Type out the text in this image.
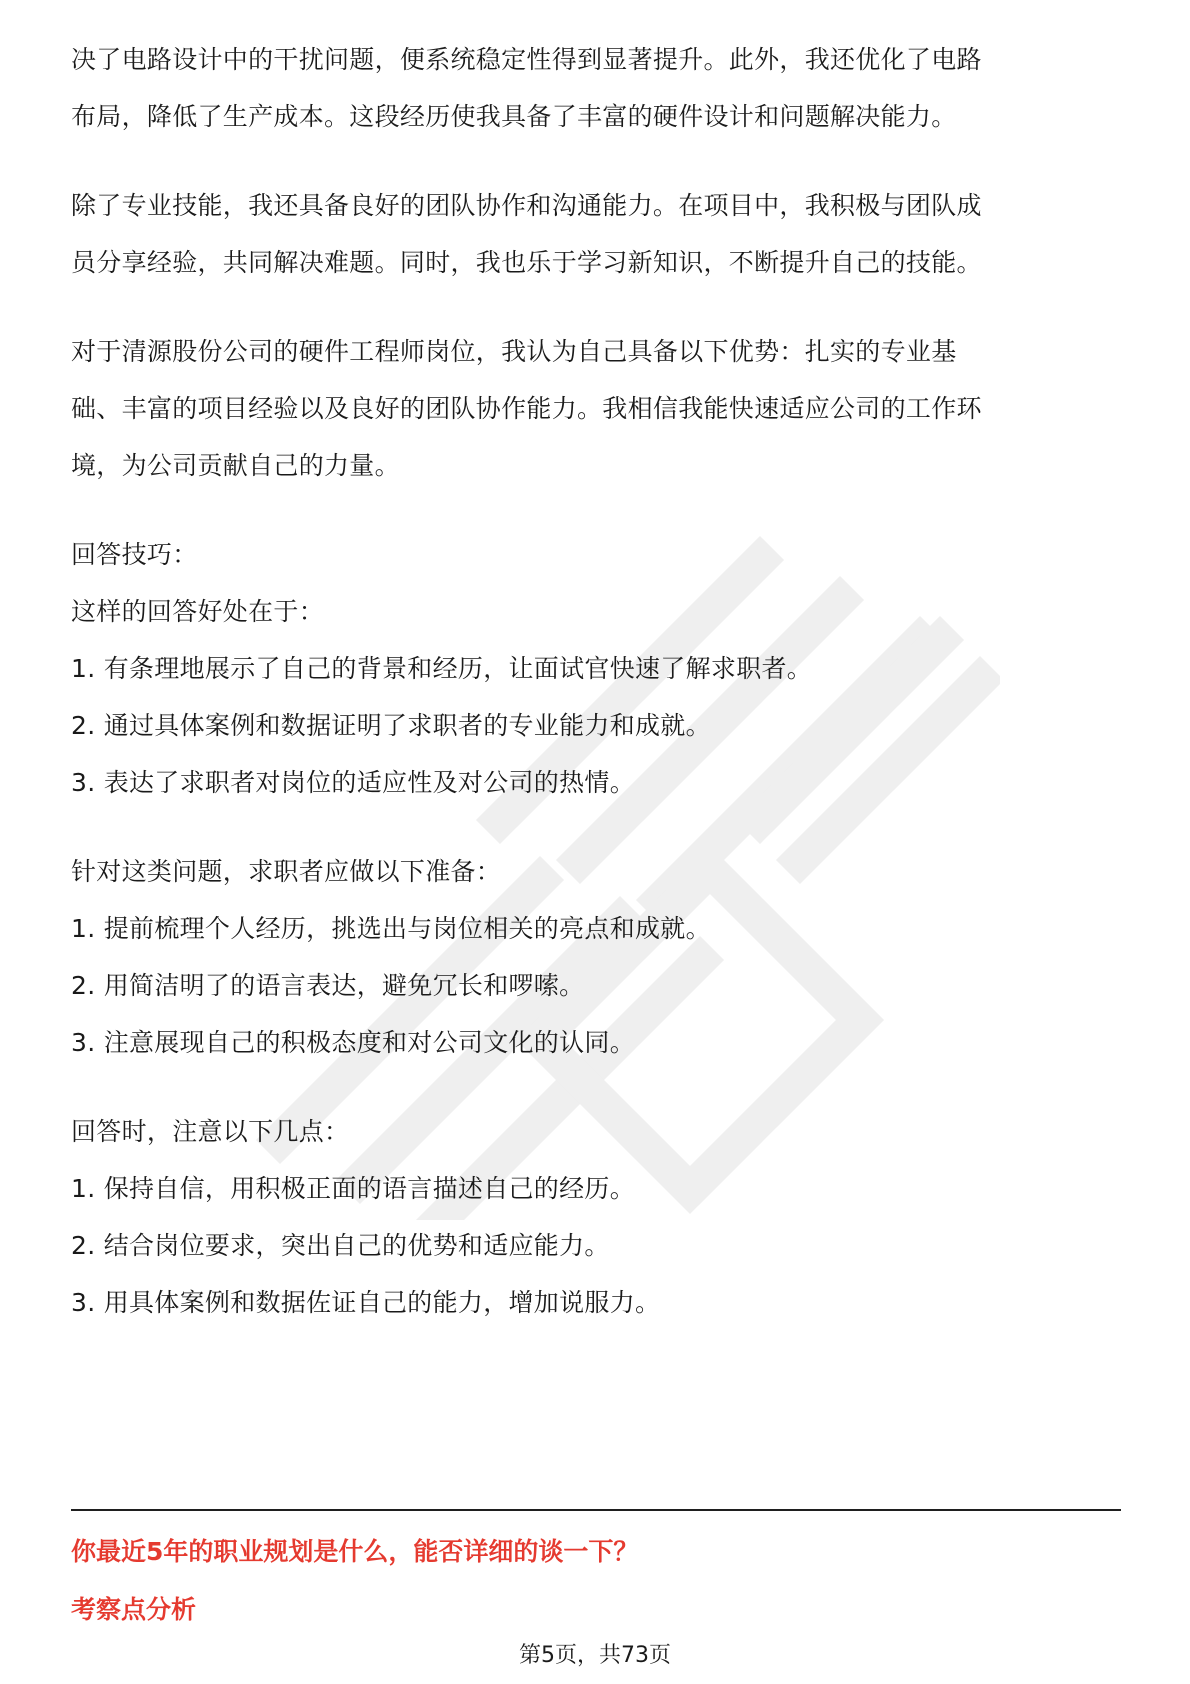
决了电路设计中的干扰问题，便系统稳定性得到显著提升。此外，我还优化了电路

布局，降低了生产成本。这段经历使我具备了丰富的硬件设计和问题解决能力。

除了专业技能，我还具备良好的团队协作和沟通能力。在项目中，我积极与团队成

员分享经验，共同解决难题。同时，我也乐于学习新知识，不断提升自己的技能。

对于清源股份公司的硬件工程师岗位，我认为自己具备以下优势：扎实的专业基

础、丰富的项目经验以及良好的团队协作能力。我相信我能快速适应公司的工作环

境，为公司贡献自己的力量。

回答技巧：

这样的回答好处在于：

1. 有条理地展示了自己的背景和经历，让面试官快速了解求职者。

2. 通过具体案例和数据证明了求职者的专业能力和成就。

3. 表达了求职者对岗位的适应性及对公司的热情。

针对这类问题，求职者应做以下准备：

1. 提前梳理个人经历，挑选出与岗位相关的亮点和成就。

2. 用简洁明了的语言表达，避免冗长和啰嗦。

3. 注意展现自己的积极态度和对公司文化的认同。

回答时，注意以下几点：

1. 保持自信，用积极正面的语言描述自己的经历。

2. 结合岗位要求，突出自己的优势和适应能力。

3. 用具体案例和数据佐证自己的能力，增加说服力。

你最近5年的职业规划是什么，能否详细的谈一下？
考察点分析
第5页，共73页
